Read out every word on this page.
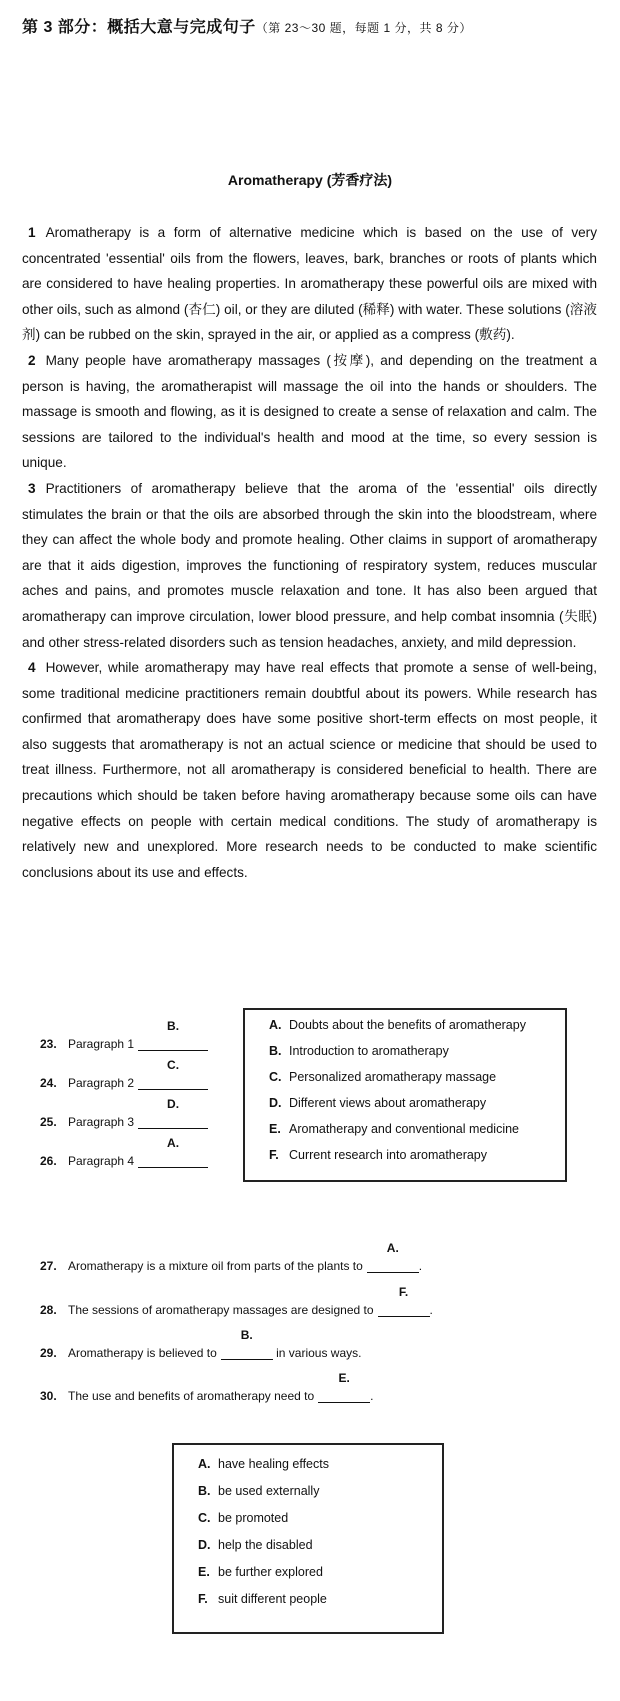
第 3 部分：概括大意与完成句子（第 23～30 题，每题 1 分，共 8 分）
Aromatherapy (芳香疗法)

1 Aromatherapy is a form of alternative medicine which is based on the use of very concentrated 'essential' oils from the flowers, leaves, bark, branches or roots of plants which are considered to have healing properties. In aromatherapy these powerful oils are mixed with other oils, such as almond (杏仁) oil, or they are diluted (稀释) with water. These solutions (溶液剂) can be rubbed on the skin, sprayed in the air, or applied as a compress (敷药).

2 Many people have aromatherapy massages (按摩), and depending on the treatment a person is having, the aromatherapist will massage the oil into the hands or shoulders. The massage is smooth and flowing, as it is designed to create a sense of relaxation and calm. The sessions are tailored to the individual's health and mood at the time, so every session is unique.

3 Practitioners of aromatherapy believe that the aroma of the 'essential' oils directly stimulates the brain or that the oils are absorbed through the skin into the bloodstream, where they can affect the whole body and promote healing. Other claims in support of aromatherapy are that it aids digestion, improves the functioning of respiratory system, reduces muscular aches and pains, and promotes muscle relaxation and tone. It has also been argued that aromatherapy can improve circulation, lower blood pressure, and help combat insomnia (失眠) and other stress-related disorders such as tension headaches, anxiety, and mild depression.

4 However, while aromatherapy may have real effects that promote a sense of well-being, some traditional medicine practitioners remain doubtful about its powers. While research has confirmed that aromatherapy does have some positive short-term effects on most people, it also suggests that aromatherapy is not an actual science or medicine that should be used to treat illness. Furthermore, not all aromatherapy is considered beneficial to health. There are precautions which should be taken before having aromatherapy because some oils can have negative effects on people with certain medical conditions. The study of aromatherapy is relatively new and unexplored. More research needs to be conducted to make scientific conclusions about its use and effects.

23. Paragraph 1
B.
24. Paragraph 2
C.
25. Paragraph 3
D.
26. Paragraph 4
A.
A. Doubts about the benefits of aromatherapy
B. Introduction to aromatherapy
C. Personalized aromatherapy massage
D. Different views about aromatherapy
E. Aromatherapy and conventional medicine
F. Current research into aromatherapy
27. Aromatherapy is a mixture oil from parts of the plants to
A.
.
28. The sessions of aromatherapy massages are designed to
F.
.
29. Aromatherapy is believed to
B.
in various ways.
30. The use and benefits of aromatherapy need to
E.
.
A. have healing effects
B. be used externally
C. be promoted
D. help the disabled
E. be further explored
F. suit different people
